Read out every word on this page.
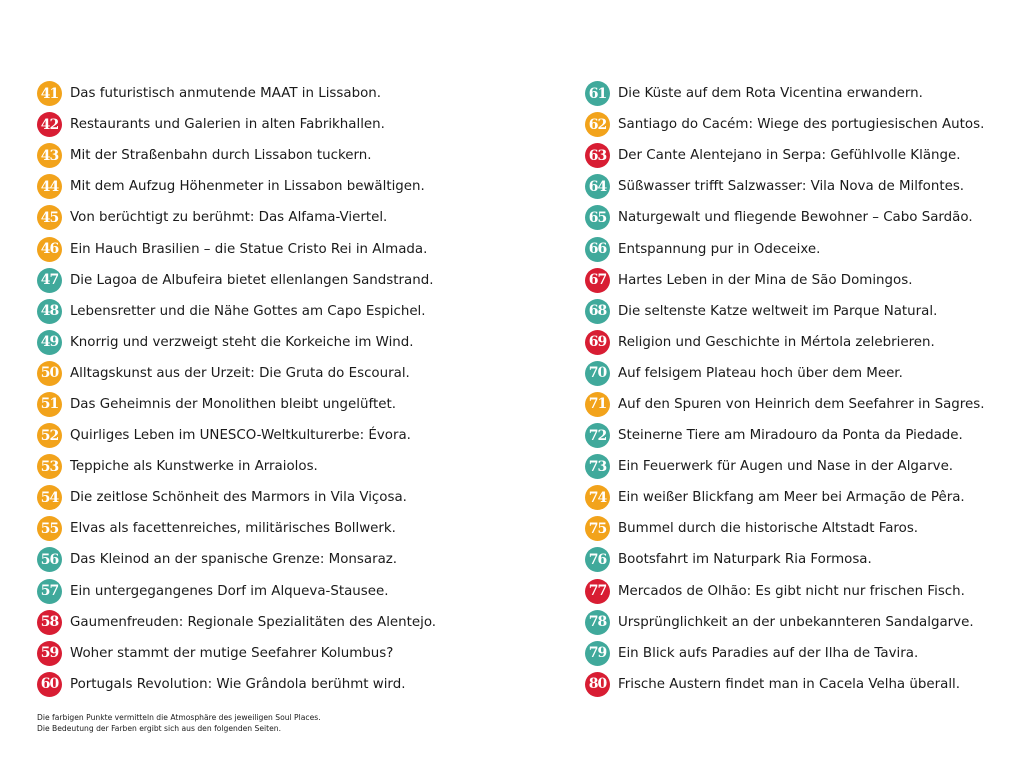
41 Das futuristisch anmutende MAAT in Lissabon.
42 Restaurants und Galerien in alten Fabrikhallen.
43 Mit der Straßenbahn durch Lissabon tuckern.
44 Mit dem Aufzug Höhenmeter in Lissabon bewältigen.
45 Von berüchtigt zu berühmt: Das Alfama-Viertel.
46 Ein Hauch Brasilien – die Statue Cristo Rei in Almada.
47 Die Lagoa de Albufeira bietet ellenlangen Sandstrand.
48 Lebensretter und die Nähe Gottes am Capo Espichel.
49 Knorrig und verzweigt steht die Korkeiche im Wind.
50 Alltagskunst aus der Urzeit: Die Gruta do Escoural.
51 Das Geheimnis der Monolithen bleibt ungelüftet.
52 Quirliges Leben im UNESCO-Weltkulturerbe: Évora.
53 Teppiche als Kunstwerke in Arraiolos.
54 Die zeitlose Schönheit des Marmors in Vila Viçosa.
55 Elvas als facettenreiches, militärisches Bollwerk.
56 Das Kleinod an der spanische Grenze: Monsaraz.
57 Ein untergegangenes Dorf im Alqueva-Stausee.
58 Gaumenfreuden: Regionale Spezialitäten des Alentejo.
59 Woher stammt der mutige Seefahrer Kolumbus?
60 Portugals Revolution: Wie Grândola berühmt wird.
61 Die Küste auf dem Rota Vicentina erwandern.
62 Santiago do Cacém: Wiege des portugiesischen Autos.
63 Der Cante Alentejano in Serpa: Gefühlvolle Klänge.
64 Süßwasser trifft Salzwasser: Vila Nova de Milfontes.
65 Naturgewalt und fliegende Bewohner – Cabo Sardão.
66 Entspannung pur in Odeceixe.
67 Hartes Leben in der Mina de São Domingos.
68 Die seltenste Katze weltweit im Parque Natural.
69 Religion und Geschichte in Mértola zelebrieren.
70 Auf felsigem Plateau hoch über dem Meer.
71 Auf den Spuren von Heinrich dem Seefahrer in Sagres.
72 Steinerne Tiere am Miradouro da Ponta da Piedade.
73 Ein Feuerwerk für Augen und Nase in der Algarve.
74 Ein weißer Blickfang am Meer bei Armação de Pêra.
75 Bummel durch die historische Altstadt Faros.
76 Bootsfahrt im Naturpark Ria Formosa.
77 Mercados de Olhão: Es gibt nicht nur frischen Fisch.
78 Ursprünglichkeit an der unbekannteren Sandalgarve.
79 Ein Blick aufs Paradies auf der Ilha de Tavira.
80 Frische Austern findet man in Cacela Velha überall.
Die farbigen Punkte vermitteln die Atmosphäre des jeweiligen Soul Places.
Die Bedeutung der Farben ergibt sich aus den folgenden Seiten.
